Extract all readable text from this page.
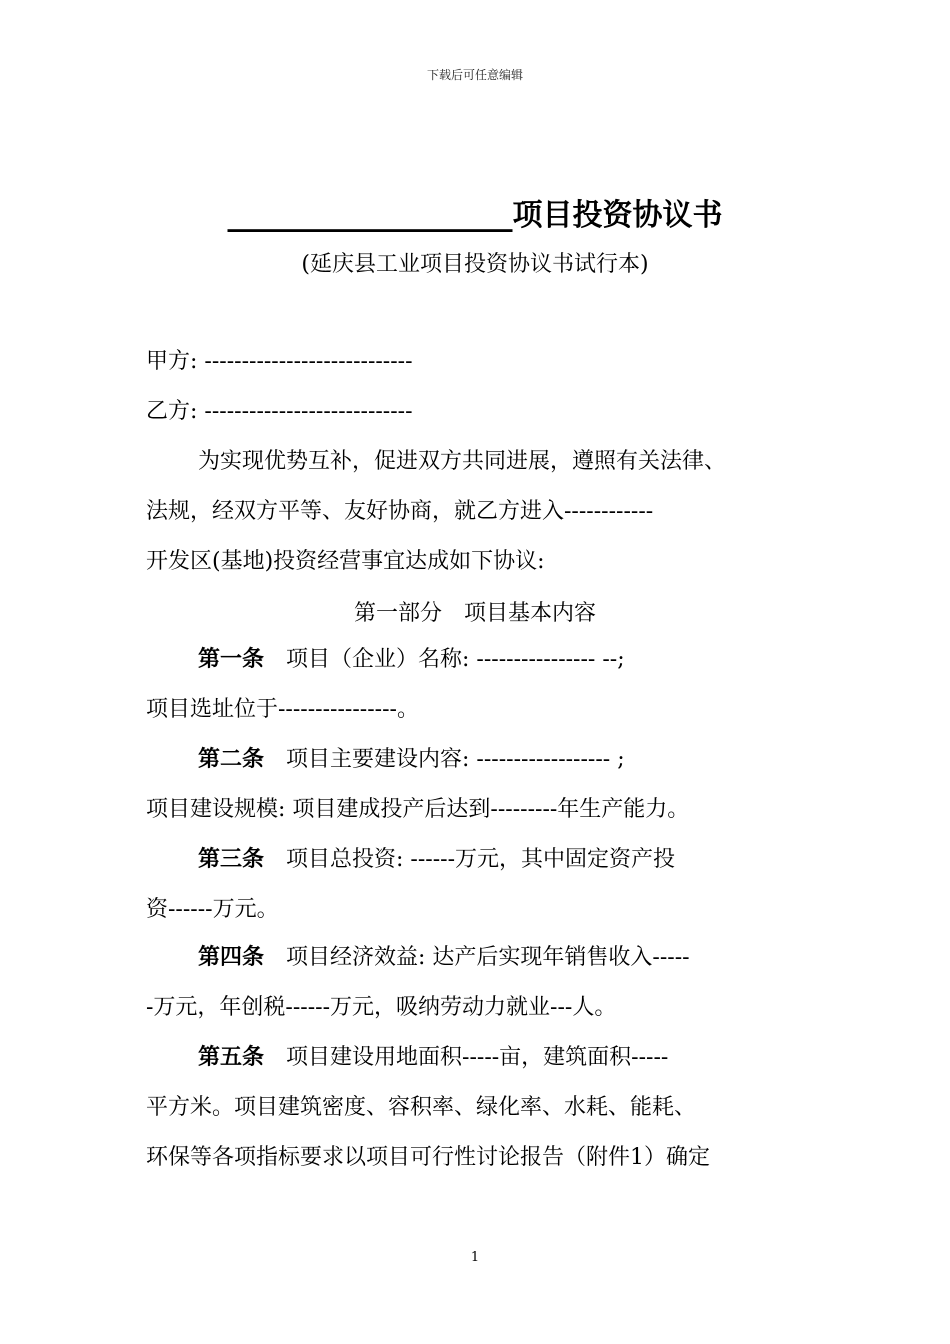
下载后可任意编辑
___________________项目投资协议书
(延庆县工业项目投资协议书试行本)
甲方: ----------------------------
乙方: ----------------------------
为实现优势互补，促进双方共同进展，遵照有关法律、
法规，经双方平等、友好协商，就乙方进入------------
开发区(基地)投资经营事宜达成如下协议:
第一部分　项目基本内容
第一条 项目（企业）名称: ---------------- --;
项目选址位于----------------。
第二条 项目主要建设内容: ------------------ ;
项目建设规模: 项目建成投产后达到---------年生产能力。
第三条 项目总投资: ------万元，其中固定资产投
资------万元。
第四条 项目经济效益: 达产后实现年销售收入-----
-万元，年创税------万元，吸纳劳动力就业---人。
第五条 项目建设用地面积-----亩，建筑面积-----
平方米。项目建筑密度、容积率、绿化率、水耗、能耗、
环保等各项指标要求以项目可行性讨论报告（附件1）确定
1
